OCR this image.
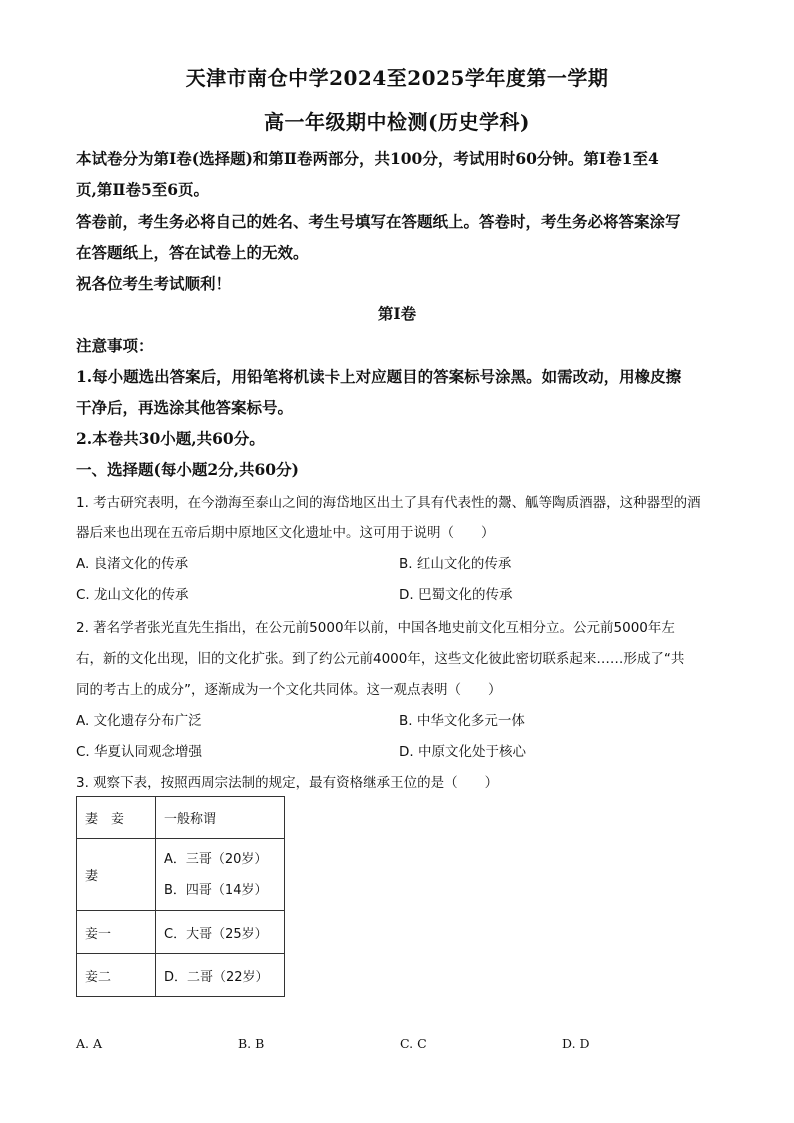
天津市南仓中学2024至2025学年度第一学期
高一年级期中检测(历史学科)
本试卷分为第Ⅰ卷(选择题)和第Ⅱ卷两部分，共100分，考试用时60分钟。第Ⅰ卷1至4
页,第Ⅱ卷5至6页。
答卷前，考生务必将自己的姓名、考生号填写在答题纸上。答卷时，考生务必将答案涂写
在答题纸上，答在试卷上的无效。
祝各位考生考试顺利！
第Ⅰ卷
注意事项：
1.每小题选出答案后，用铅笔将机读卡上对应题目的答案标号涂黑。如需改动，用橡皮擦
干净后，再选涂其他答案标号。
2.本卷共30小题,共60分。
一、选择题(每小题2分,共60分)
1. 考古研究表明，在今渤海至泰山之间的海岱地区出土了具有代表性的鬶、觚等陶质酒器，这种器型的酒
器后来也出现在五帝后期中原地区文化遗址中。这可用于说明（　　）
A. 良渚文化的传承	B. 红山文化的传承
C. 龙山文化的传承	D. 巴蜀文化的传承
2. 著名学者张光直先生指出，在公元前5000年以前，中国各地史前文化互相分立。公元前5000年左
右，新的文化出现，旧的文化扩张。到了约公元前4000年，这些文化彼此密切联系起来……形成了“共
同的考古上的成分”，逐渐成为一个文化共同体。这一观点表明（　　）
A. 文化遗存分布广泛	B. 中华文化多元一体
C. 华夏认同观念增强	D. 中原文化处于核心
3. 观察下表，按照西周宗法制的规定，最有资格继承王位的是（　　）
妻　妾	一般称谓
妻	A．三哥（20岁）
B．四哥（14岁）

妾一	C．大哥（25岁）
妾二	D．二哥（22岁）
A. A	B. B	C. C	D. D
